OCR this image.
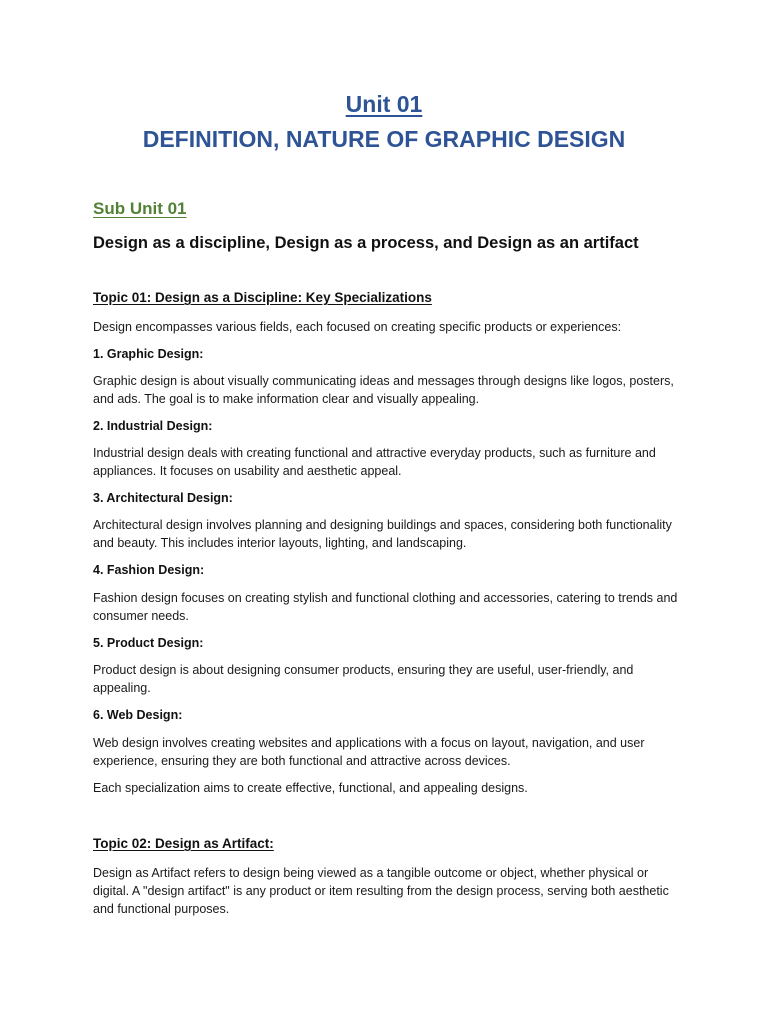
Unit 01
DEFINITION, NATURE OF GRAPHIC DESIGN
Sub Unit 01
Design as a discipline, Design as a process, and Design as an artifact
Topic 01: Design as a Discipline: Key Specializations
Design encompasses various fields, each focused on creating specific products or experiences:
1. Graphic Design:
Graphic design is about visually communicating ideas and messages through designs like logos, posters, and ads. The goal is to make information clear and visually appealing.
2. Industrial Design:
Industrial design deals with creating functional and attractive everyday products, such as furniture and appliances. It focuses on usability and aesthetic appeal.
3. Architectural Design:
Architectural design involves planning and designing buildings and spaces, considering both functionality and beauty. This includes interior layouts, lighting, and landscaping.
4. Fashion Design:
Fashion design focuses on creating stylish and functional clothing and accessories, catering to trends and consumer needs.
5. Product Design:
Product design is about designing consumer products, ensuring they are useful, user-friendly, and appealing.
6. Web Design:
Web design involves creating websites and applications with a focus on layout, navigation, and user experience, ensuring they are both functional and attractive across devices.
Each specialization aims to create effective, functional, and appealing designs.
Topic 02: Design as Artifact:
Design as Artifact refers to design being viewed as a tangible outcome or object, whether physical or digital. A "design artifact" is any product or item resulting from the design process, serving both aesthetic and functional purposes.
